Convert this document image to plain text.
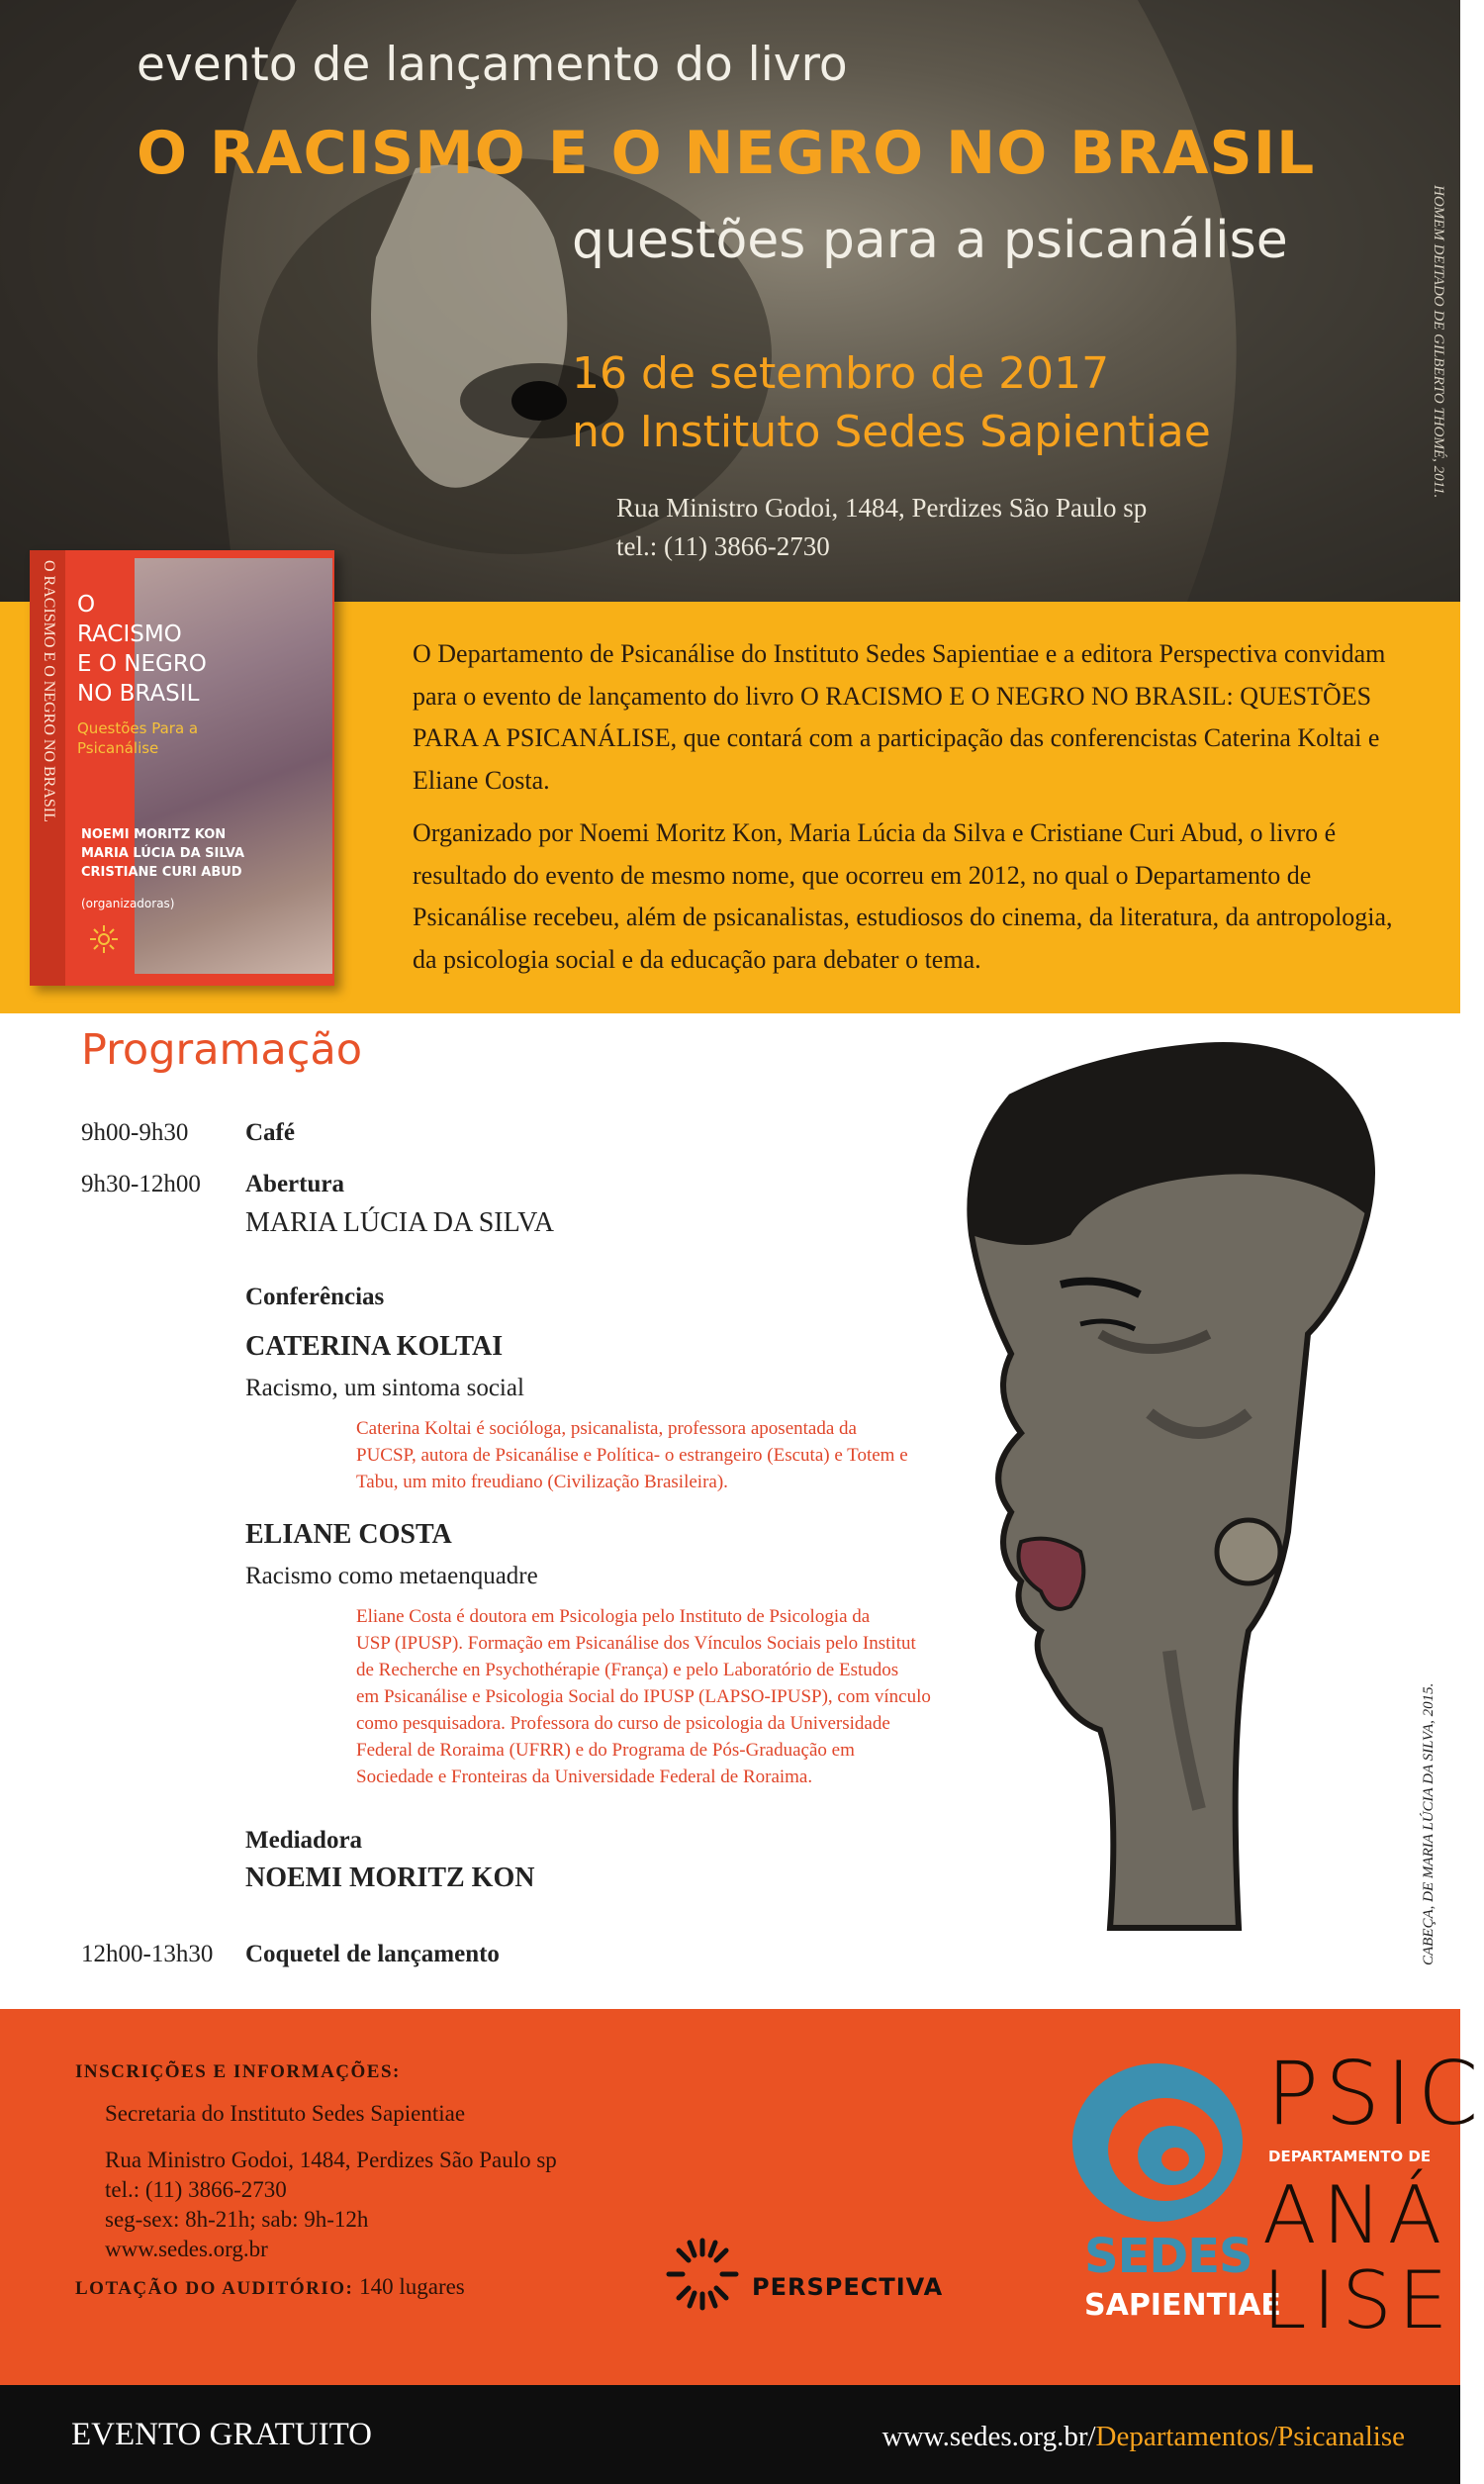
evento de lançamento do livro
O RACISMO E O NEGRO NO BRASIL
questões para a psicanálise
16 de setembro de 2017
no Instituto Sedes Sapientiae
Rua Ministro Godoi, 1484, Perdizes São Paulo sp
tel.: (11) 3866-2730
HOMEM DEITADO DE GILBERTO THOMÉ, 2011.
O RACISMO E O NEGRO NO BRASIL O
RACISMO
E O NEGRO
NO BRASIL
Questões Para a
Psicanálise
NOEMI MORITZ KON
MARIA LÚCIA DA SILVA
CRISTIANE CURI ABUD
(organizadoras)
O Departamento de Psicanálise do Instituto Sedes Sapientiae e a editora Perspectiva convidam para o evento de lançamento do livro O RACISMO E O NEGRO NO BRASIL: QUESTÕES PARA A PSICANÁLISE, que contará com a participação das conferencistas Caterina Koltai e Eliane Costa.
Organizado por Noemi Moritz Kon, Maria Lúcia da Silva e Cristiane Curi Abud, o livro é resultado do evento de mesmo nome, que ocorreu em 2012, no qual o Departamento de Psicanálise recebeu, além de psicanalistas, estudiosos do cinema, da literatura, da antropologia, da psicologia social e da educação para debater o tema.
Programação
9h00-9h30 Café
9h30-12h00 Abertura
MARIA LÚCIA DA SILVA
Conferências
CATERINA KOLTAI
Racismo, um sintoma social
Caterina Koltai é socióloga, psicanalista, professora aposentada da
PUCSP, autora de Psicanálise e Política- o estrangeiro (Escuta) e Totem e
Tabu, um mito freudiano (Civilização Brasileira).
ELIANE COSTA
Racismo como metaenquadre
Eliane Costa é doutora em Psicologia pelo Instituto de Psicologia da
USP (IPUSP). Formação em Psicanálise dos Vínculos Sociais pelo Institut
de Recherche en Psychothérapie (França) e pelo Laboratório de Estudos
em Psicanálise e Psicologia Social do IPUSP (LAPSO-IPUSP), com vínculo
como pesquisadora. Professora do curso de psicologia da Universidade
Federal de Roraima (UFRR) e do Programa de Pós-Graduação em
Sociedade e Fronteiras da Universidade Federal de Roraima.
Mediadora
NOEMI MORITZ KON
12h00-13h30 Coquetel de lançamento	CABEÇA, DE MARIA LÚCIA DA SILVA, 2015.
INSCRIÇÕES E INFORMAÇÕES:
Secretaria do Instituto Sedes Sapientiae
Rua Ministro Godoi, 1484, Perdizes São Paulo sp
tel.: (11) 3866-2730
seg-sex: 8h-21h; sab: 9h-12h
www.sedes.org.br
LOTAÇÃO DO AUDITÓRIO: 140 lugares	PERSPECTIVA
SEDES
SAPIENTIAE
PSIC
DEPARTAMENTO DE
ANÁ LISE
EVENTO GRATUITO	www.sedes.org.br/Departamentos/Psicanalise
